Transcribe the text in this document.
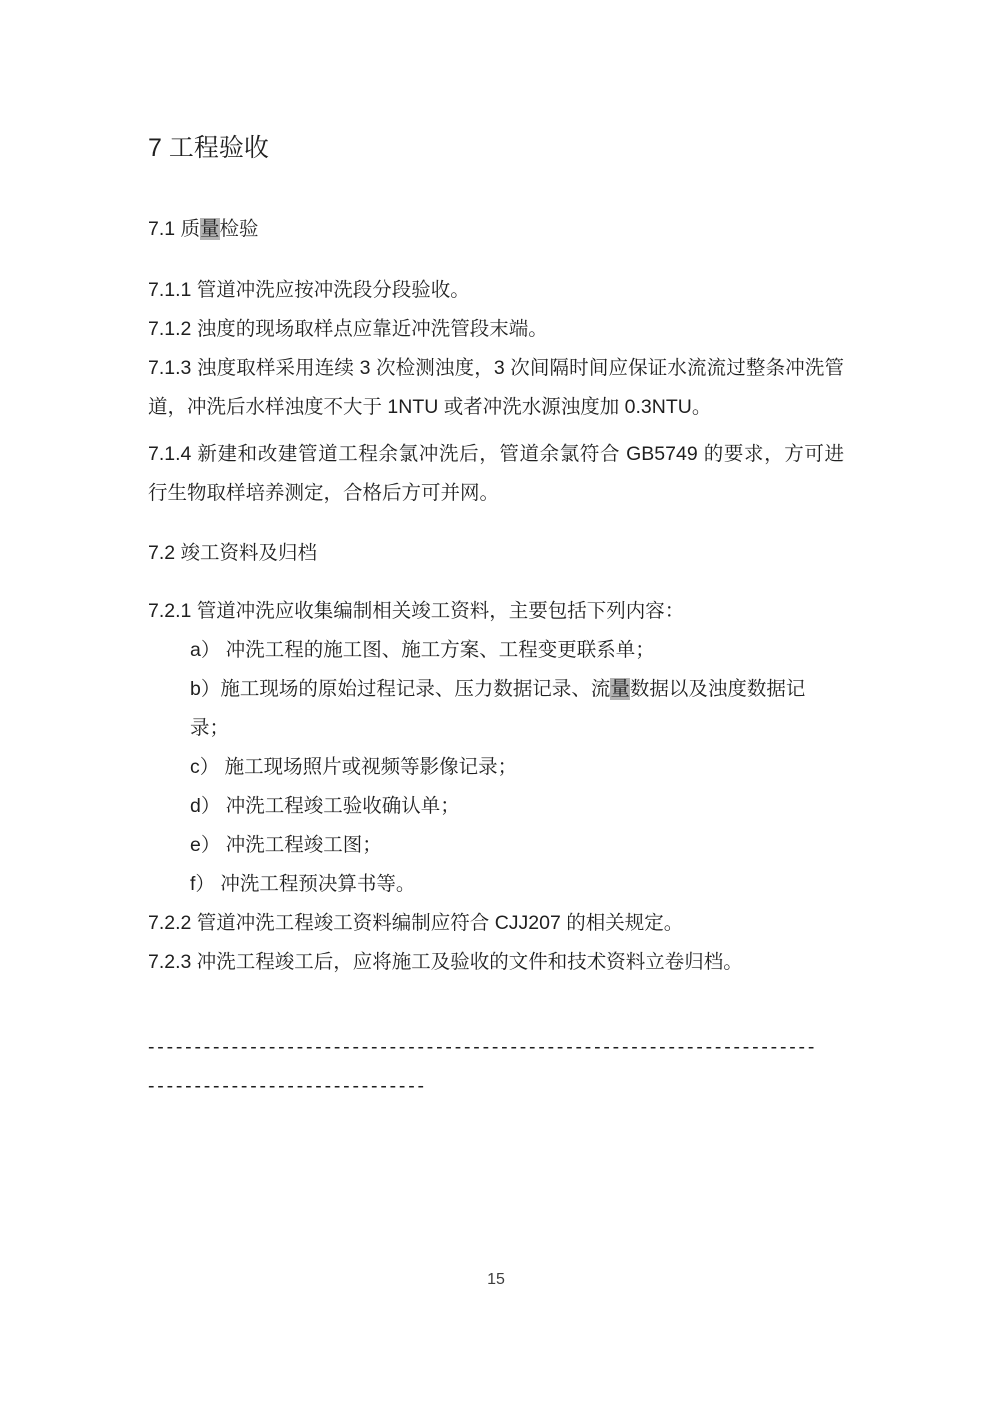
7 工程验收
7.1 质量检验

7.1.1 管道冲洗应按冲洗段分段验收。

7.1.2 浊度的现场取样点应靠近冲洗管段末端。

7.1.3 浊度取样采用连续 3 次检测浊度，3 次间隔时间应保证水流流过整条冲洗管道，冲洗后水样浊度不大于 1NTU 或者冲洗水源浊度加 0.3NTU。

7.1.4 新建和改建管道工程余氯冲洗后，管道余氯符合 GB5749 的要求，方可进行生物取样培养测定，合格后方可并网。

7.2 竣工资料及归档

7.2.1 管道冲洗应收集编制相关竣工资料，主要包括下列内容：

a） 冲洗工程的施工图、施工方案、工程变更联系单；

b）施工现场的原始过程记录、压力数据记录、流量数据以及浊度数据记录；

c） 施工现场照片或视频等影像记录；

d） 冲洗工程竣工验收确认单；

e） 冲洗工程竣工图；

f） 冲洗工程预决算书等。

7.2.2 管道冲洗工程竣工资料编制应符合 CJJ207 的相关规定。

7.2.3 冲洗工程竣工后，应将施工及验收的文件和技术资料立卷归档。

------------------------------------------------------------------------
------------------------------
15
